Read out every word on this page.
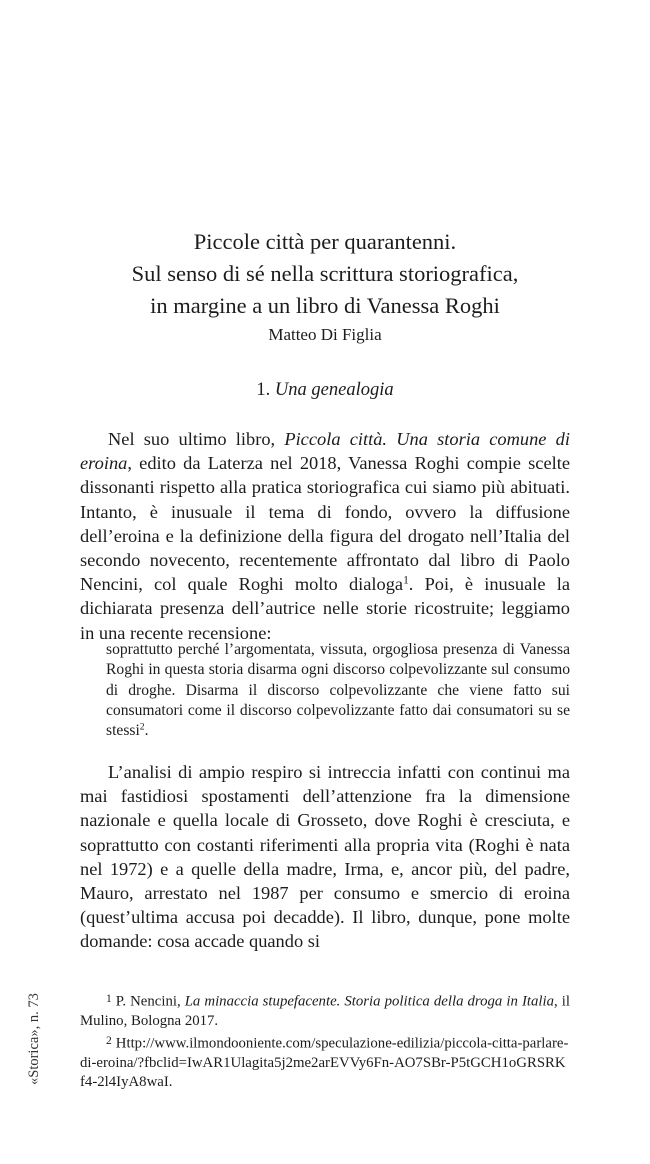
Piccole città per quarantenni.
Sul senso di sé nella scrittura storiografica,
in margine a un libro di Vanessa Roghi
Matteo Di Figlia
1. Una genealogia

Nel suo ultimo libro, Piccola città. Una storia comune di eroina, edito da Laterza nel 2018, Vanessa Roghi compie scelte dissonanti rispetto alla pratica storiografica cui siamo più abituati. Intanto, è inusuale il tema di fondo, ovvero la diffusione dell’eroina e la definizione della figura del drogato nell’Italia del secondo novecento, recentemente affrontato dal libro di Paolo Nencini, col quale Roghi molto dialoga$^1$. Poi, è inusuale la dichiarata presenza dell’autrice nelle storie ricostruite; leggiamo in una recente recensione:

soprattutto perché l’argomentata, vissuta, orgogliosa presenza di Vanessa Roghi in questa storia disarma ogni discorso colpevolizzante sul consumo di droghe. Disarma il discorso colpevolizzante che viene fatto sui consumatori come il discorso colpevolizzante fatto dai consumatori su se stessi$^2$.

L’analisi di ampio respiro si intreccia infatti con continui ma mai fastidiosi spostamenti dell’attenzione fra la dimensione nazionale e quella locale di Grosseto, dove Roghi è cresciuta, e soprattutto con costanti riferimenti alla propria vita (Roghi è nata nel 1972) e a quelle della madre, Irma, e, ancor più, del padre, Mauro, arrestato nel 1987 per consumo e smercio di eroina (quest’ultima accusa poi decadde). Il libro, dunque, pone molte domande: cosa accade quando si

$^1$ P. Nencini, La minaccia stupefacente. Storia politica della droga in Italia, il Mulino, Bologna 2017.

$^2$ Http://www.ilmondooniente.com/speculazione-edilizia/piccola-citta-parlare-di-eroina/?fbclid=IwAR1Ulagita5j2me2arEVVy6Fn-AO7SBr-P5tGCH1oGRSRKf4-2l4IyA8waI.

«Storica», n. 73
